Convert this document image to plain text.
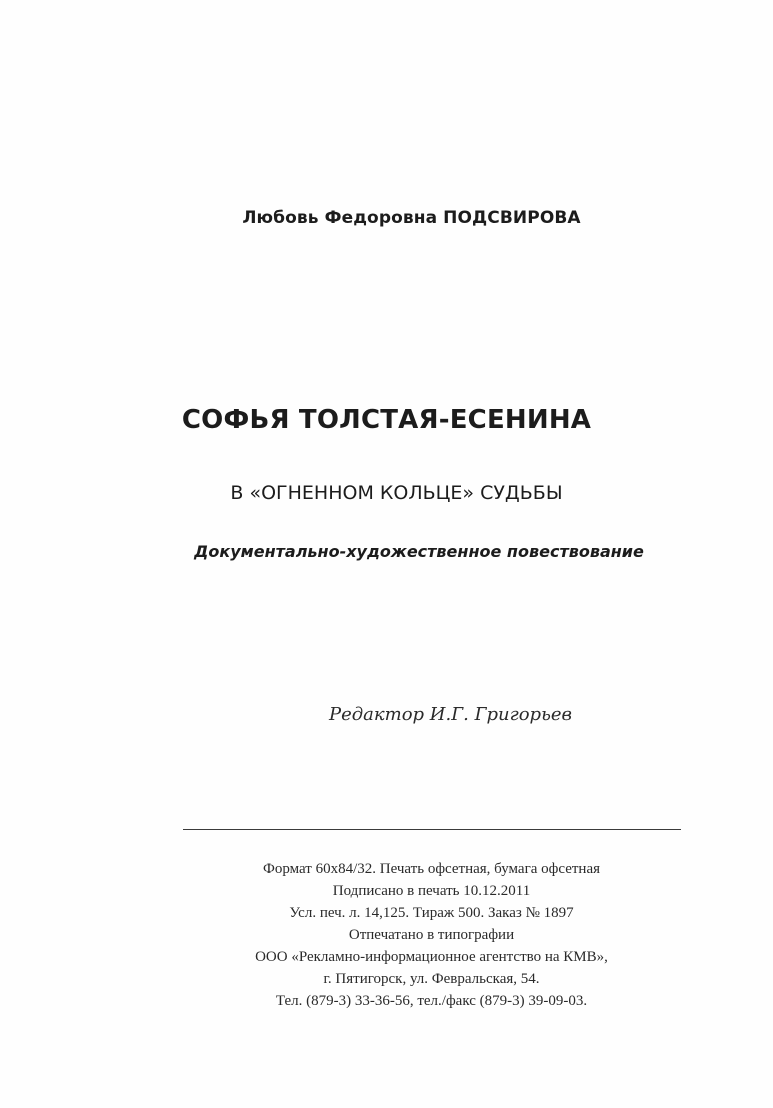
Любовь Федоровна ПОДСВИРОВА
СОФЬЯ ТОЛСТАЯ-ЕСЕНИНА
В «ОГНЕННОМ КОЛЬЦЕ» СУДЬБЫ
Документально-художественное повествование
Редактор И.Г. Григорьев
Формат 60x84/32. Печать офсетная, бумага офсетная
Подписано в печать 10.12.2011
Усл. печ. л. 14,125. Тираж 500. Заказ № 1897
Отпечатано в типографии
ООО «Рекламно-информационное агентство на КМВ»,
г. Пятигорск, ул. Февральская, 54.
Тел. (879-3) 33-36-56, тел./факс (879-3) 39-09-03.
